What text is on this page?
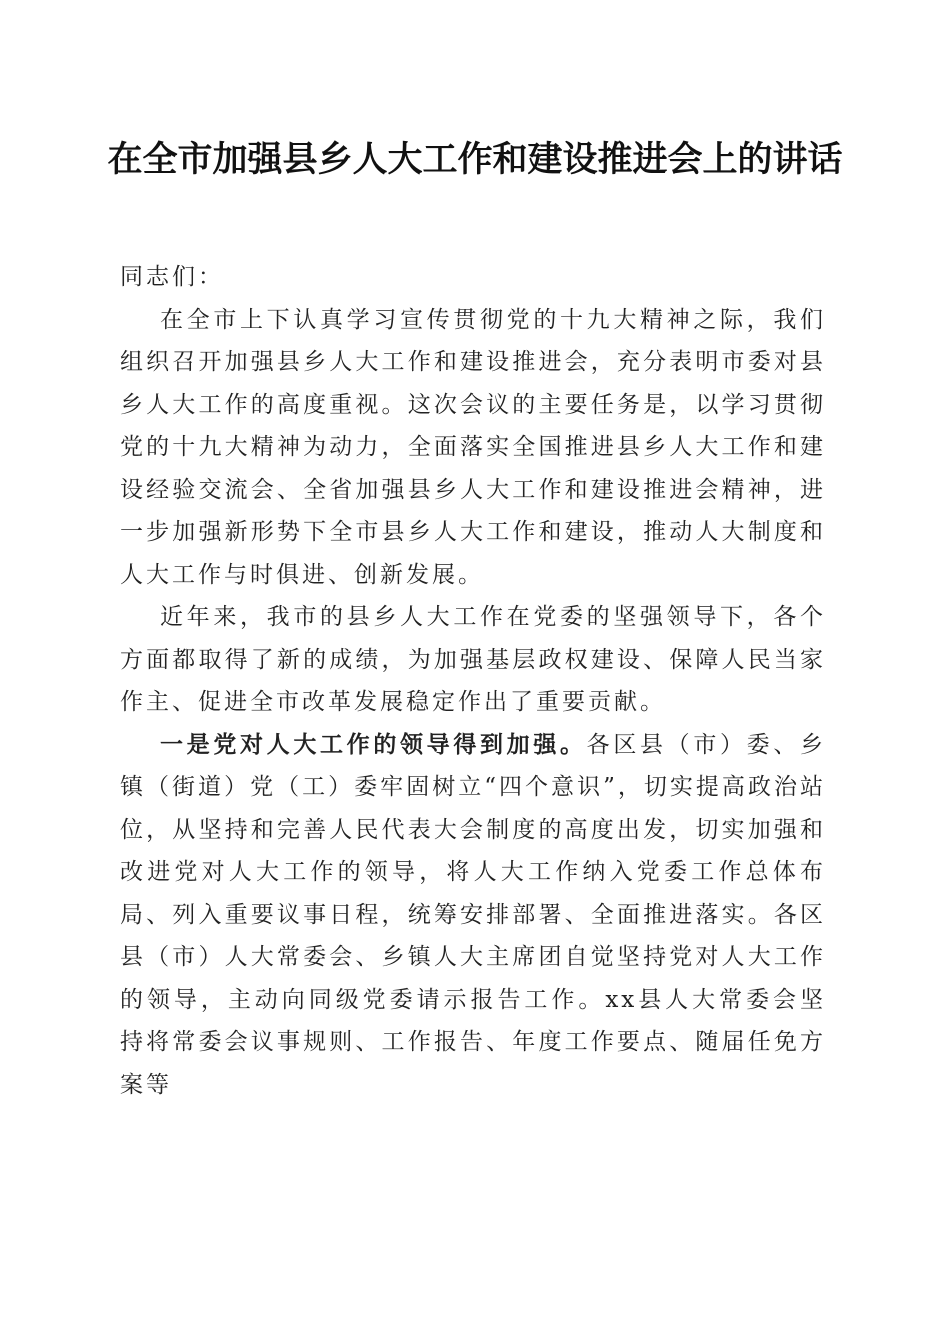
在全市加强县乡人大工作和建设推进会上的讲话

同志们：

在全市上下认真学习宣传贯彻党的十九大精神之际，我们组织召开加强县乡人大工作和建设推进会，充分表明市委对县乡人大工作的高度重视。这次会议的主要任务是，以学习贯彻党的十九大精神为动力，全面落实全国推进县乡人大工作和建设经验交流会、全省加强县乡人大工作和建设推进会精神，进一步加强新形势下全市县乡人大工作和建设，推动人大制度和人大工作与时俱进、创新发展。

近年来，我市的县乡人大工作在党委的坚强领导下，各个方面都取得了新的成绩，为加强基层政权建设、保障人民当家作主、促进全市改革发展稳定作出了重要贡献。

一是党对人大工作的领导得到加强。各区县（市）委、乡镇（街道）党（工）委牢固树立“四个意识”，切实提高政治站位，从坚持和完善人民代表大会制度的高度出发，切实加强和改进党对人大工作的领导，将人大工作纳入党委工作总体布局、列入重要议事日程，统筹安排部署、全面推进落实。各区县（市）人大常委会、乡镇人大主席团自觉坚持党对人大工作的领导，主动向同级党委请示报告工作。xx县人大常委会坚持将常委会议事规则、工作报告、年度工作要点、随届任免方案等
